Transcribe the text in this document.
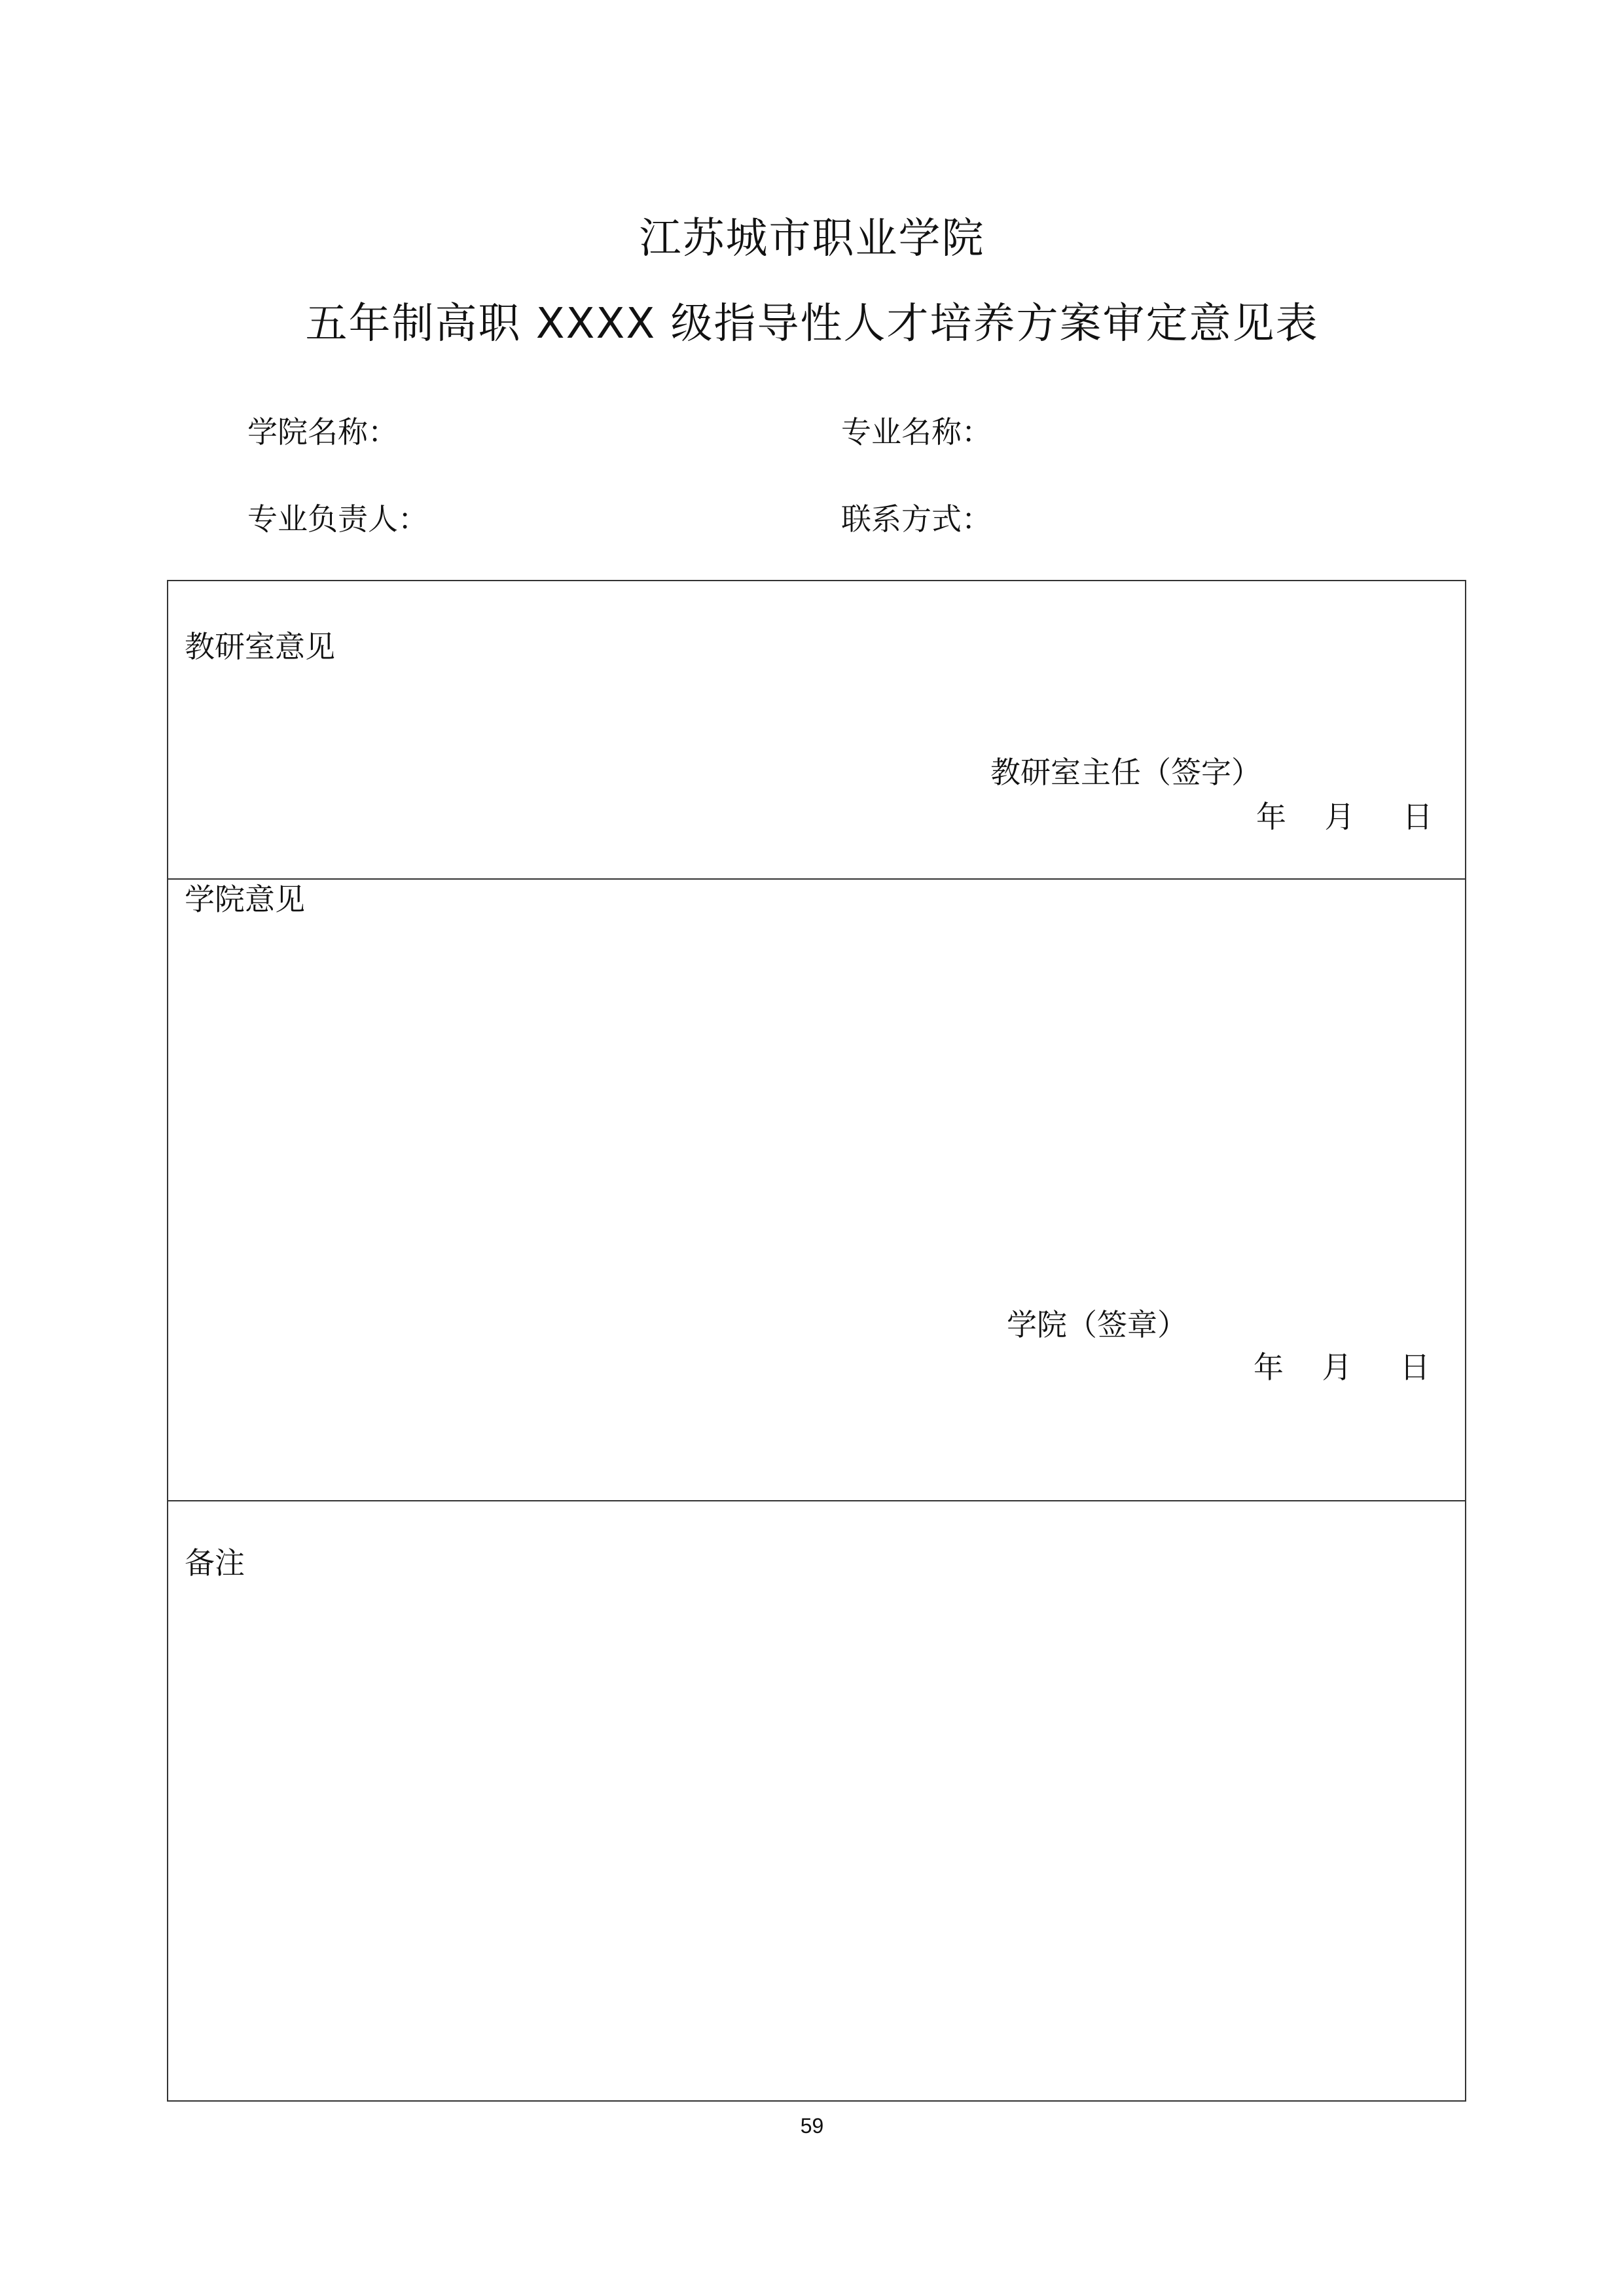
江苏城市职业学院
五年制高职 XXXX 级指导性人才培养方案审定意见表
学院名称：	专业名称：
专业负责人：	联系方式：
教研室意见
教研室主任（签字）
年    月     日
学院意见
学院（签章）
年    月     日
备注
59
